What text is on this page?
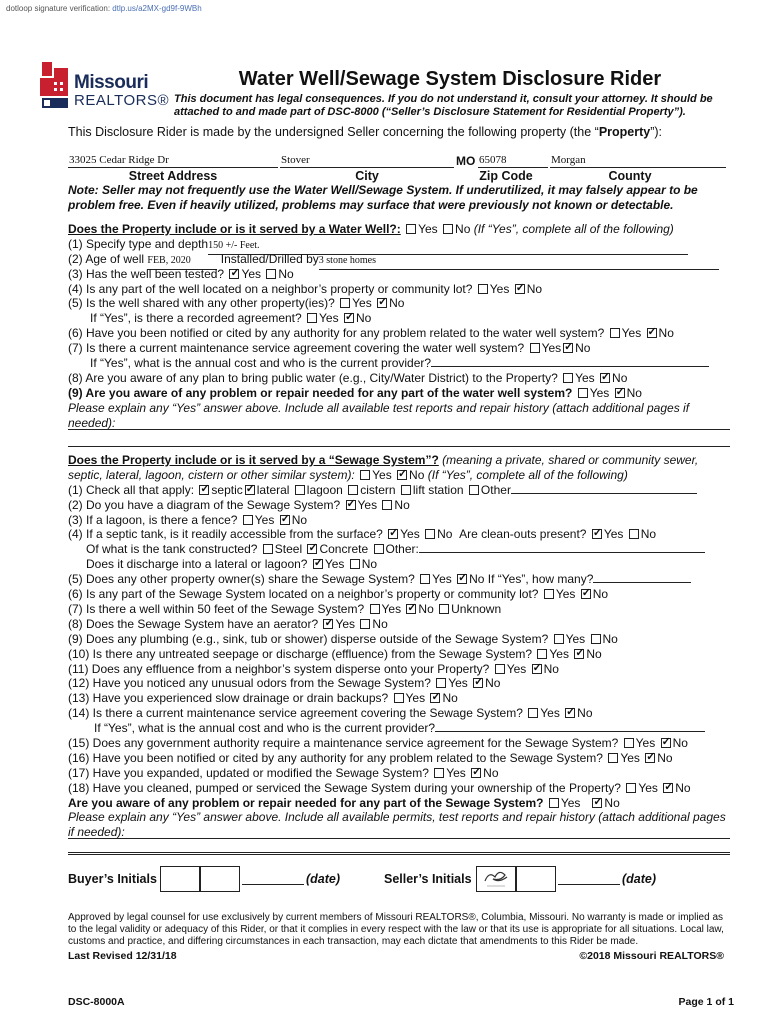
dotloop signature verification: dtlp.us/a2MX-gd9f-9WBh
Missouri
REALTORS®
Water Well/Sewage System Disclosure Rider
This document has legal consequences. If you do not understand it, consult your attorney. It should be attached to and made part of DSC-8000 (“Seller’s Disclosure Statement for Residential Property”).
This Disclosure Rider is made by the undersigned Seller concerning the following property (the “Property”):
33025 Cedar Ridge Dr	Stover	MO 65078	Morgan
Street Address	City	Zip Code	County
Note: Seller may not frequently use the Water Well/Sewage System. If underutilized, it may falsely appear to be problem free. Even if heavily utilized, problems may surface that were previously not known or detectable.
Does the Property include or is it served by a Water Well?: Yes No (If “Yes”, complete all of the following)
(1) Specify type and depth150 +/- Feet.
(2) Age of well FEB, 2020	Installed/Drilled by3 stone homes
(3) Has the well been tested? ✓ Yes No
(4) Is any part of the well located on a neighbor’s property or community lot? Yes ✓ No
(5) Is the well shared with any other property(ies)? Yes ✓ No
If “Yes”, is there a recorded agreement? Yes ✓ No
(6) Have you been notified or cited by any authority for any problem related to the water well system? Yes ✓ No
(7) Is there a current maintenance service agreement covering the water well system? Yes ✓ No
If “Yes”, what is the annual cost and who is the current provider?
(8) Are you aware of any plan to bring public water (e.g., City/Water District) to the Property? Yes ✓ No
(9) Are you aware of any problem or repair needed for any part of the water well system? Yes ✓ No
Please explain any “Yes” answer above. Include all available test reports and repair history (attach additional pages if needed):
Does the Property include or is it served by a “Sewage System”? (meaning a private, shared or community sewer, septic, lateral, lagoon, cistern or other similar system): Yes ✓ No (If “Yes”, complete all of the following)
(1) Check all that apply: ✓ septic ✓ lateral lagoon cistern lift station Other
(2) Do you have a diagram of the Sewage System? ✓ Yes No
(3) If a lagoon, is there a fence? Yes ✓ No
(4) If a septic tank, is it readily accessible from the surface? ✓ Yes No Are clean-outs present? ✓ Yes No
Of what is the tank constructed? Steel ✓ Concrete Other:
Does it discharge into a lateral or lagoon? ✓ Yes No
(5) Does any other property owner(s) share the Sewage System? Yes ✓ No If “Yes”, how many?
(6) Is any part of the Sewage System located on a neighbor’s property or community lot? Yes ✓ No
(7) Is there a well within 50 feet of the Sewage System? Yes ✓ No Unknown
(8) Does the Sewage System have an aerator? ✓ Yes No
(9) Does any plumbing (e.g., sink, tub or shower) disperse outside of the Sewage System? Yes No
(10) Is there any untreated seepage or discharge (effluence) from the Sewage System? Yes ✓ No
(11) Does any effluence from a neighbor’s system disperse onto your Property? Yes ✓ No
(12) Have you noticed any unusual odors from the Sewage System? Yes ✓ No
(13) Have you experienced slow drainage or drain backups? Yes ✓ No
(14) Is there a current maintenance service agreement covering the Sewage System? Yes ✓ No
If “Yes”, what is the annual cost and who is the current provider?
(15) Does any government authority require a maintenance service agreement for the Sewage System? Yes ✓ No
(16) Have you been notified or cited by any authority for any problem related to the Sewage System? Yes ✓ No
(17) Have you expanded, updated or modified the Sewage System? Yes ✓ No
(18) Have you cleaned, pumped or serviced the Sewage System during your ownership of the Property? Yes ✓ No
Are you aware of any problem or repair needed for any part of the Sewage System? Yes ✓ No
Please explain any “Yes” answer above. Include all available permits, test reports and repair history (attach additional pages if needed):
Buyer’s Initials	(date)	Seller’s Initials	(date)
Approved by legal counsel for use exclusively by current members of Missouri REALTORS®, Columbia, Missouri. No warranty is made or implied as to the legal validity or adequacy of this Rider, or that it complies in every respect with the law or that its use is appropriate for all situations. Local law, customs and practice, and differing circumstances in each transaction, may each dictate that amendments to this Rider be made.
Last Revised 12/31/18	©2018 Missouri REALTORS®
DSC-8000A	Page 1 of 1
